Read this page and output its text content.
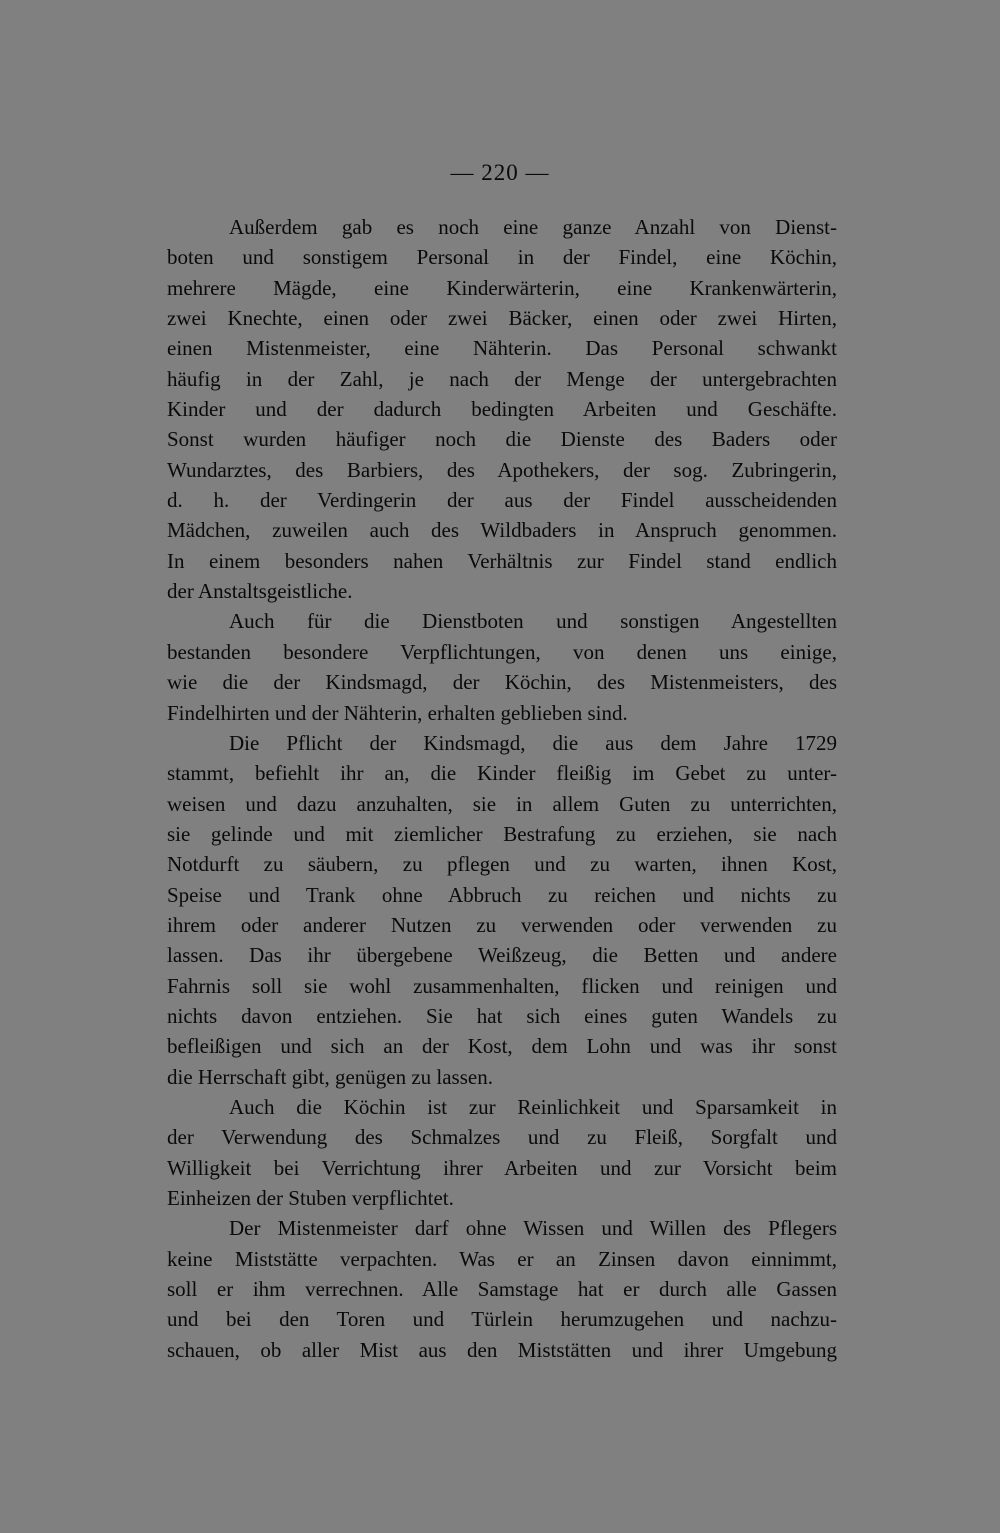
— 220 —
Außerdem gab es noch eine ganze Anzahl von Dienst-
boten und sonstigem Personal in der Findel, eine Köchin,
mehrere Mägde, eine Kinderwärterin, eine Krankenwärterin,
zwei Knechte, einen oder zwei Bäcker, einen oder zwei Hirten,
einen Mistenmeister, eine Nähterin. Das Personal schwankt
häufig in der Zahl, je nach der Menge der untergebrachten
Kinder und der dadurch bedingten Arbeiten und Geschäfte.
Sonst wurden häufiger noch die Dienste des Baders oder
Wundarztes, des Barbiers, des Apothekers, der sog. Zubringerin,
d. h. der Verdingerin der aus der Findel ausscheidenden
Mädchen, zuweilen auch des Wildbaders in Anspruch genommen.
In einem besonders nahen Verhältnis zur Findel stand endlich
der Anstaltsgeistliche.
Auch für die Dienstboten und sonstigen Angestellten
bestanden besondere Verpflichtungen, von denen uns einige,
wie die der Kindsmagd, der Köchin, des Mistenmeisters, des
Findelhirten und der Nähterin, erhalten geblieben sind.
Die Pflicht der Kindsmagd, die aus dem Jahre 1729
stammt, befiehlt ihr an, die Kinder fleißig im Gebet zu unter-
weisen und dazu anzuhalten, sie in allem Guten zu unterrichten,
sie gelinde und mit ziemlicher Bestrafung zu erziehen, sie nach
Notdurft zu säubern, zu pflegen und zu warten, ihnen Kost,
Speise und Trank ohne Abbruch zu reichen und nichts zu
ihrem oder anderer Nutzen zu verwenden oder verwenden zu
lassen. Das ihr übergebene Weißzeug, die Betten und andere
Fahrnis soll sie wohl zusammenhalten, flicken und reinigen und
nichts davon entziehen. Sie hat sich eines guten Wandels zu
befleißigen und sich an der Kost, dem Lohn und was ihr sonst
die Herrschaft gibt, genügen zu lassen.
Auch die Köchin ist zur Reinlichkeit und Sparsamkeit in
der Verwendung des Schmalzes und zu Fleiß, Sorgfalt und
Willigkeit bei Verrichtung ihrer Arbeiten und zur Vorsicht beim
Einheizen der Stuben verpflichtet.
Der Mistenmeister darf ohne Wissen und Willen des Pflegers
keine Miststätte verpachten. Was er an Zinsen davon einnimmt,
soll er ihm verrechnen. Alle Samstage hat er durch alle Gassen
und bei den Toren und Türlein herumzugehen und nachzu-
schauen, ob aller Mist aus den Miststätten und ihrer Umgebung
